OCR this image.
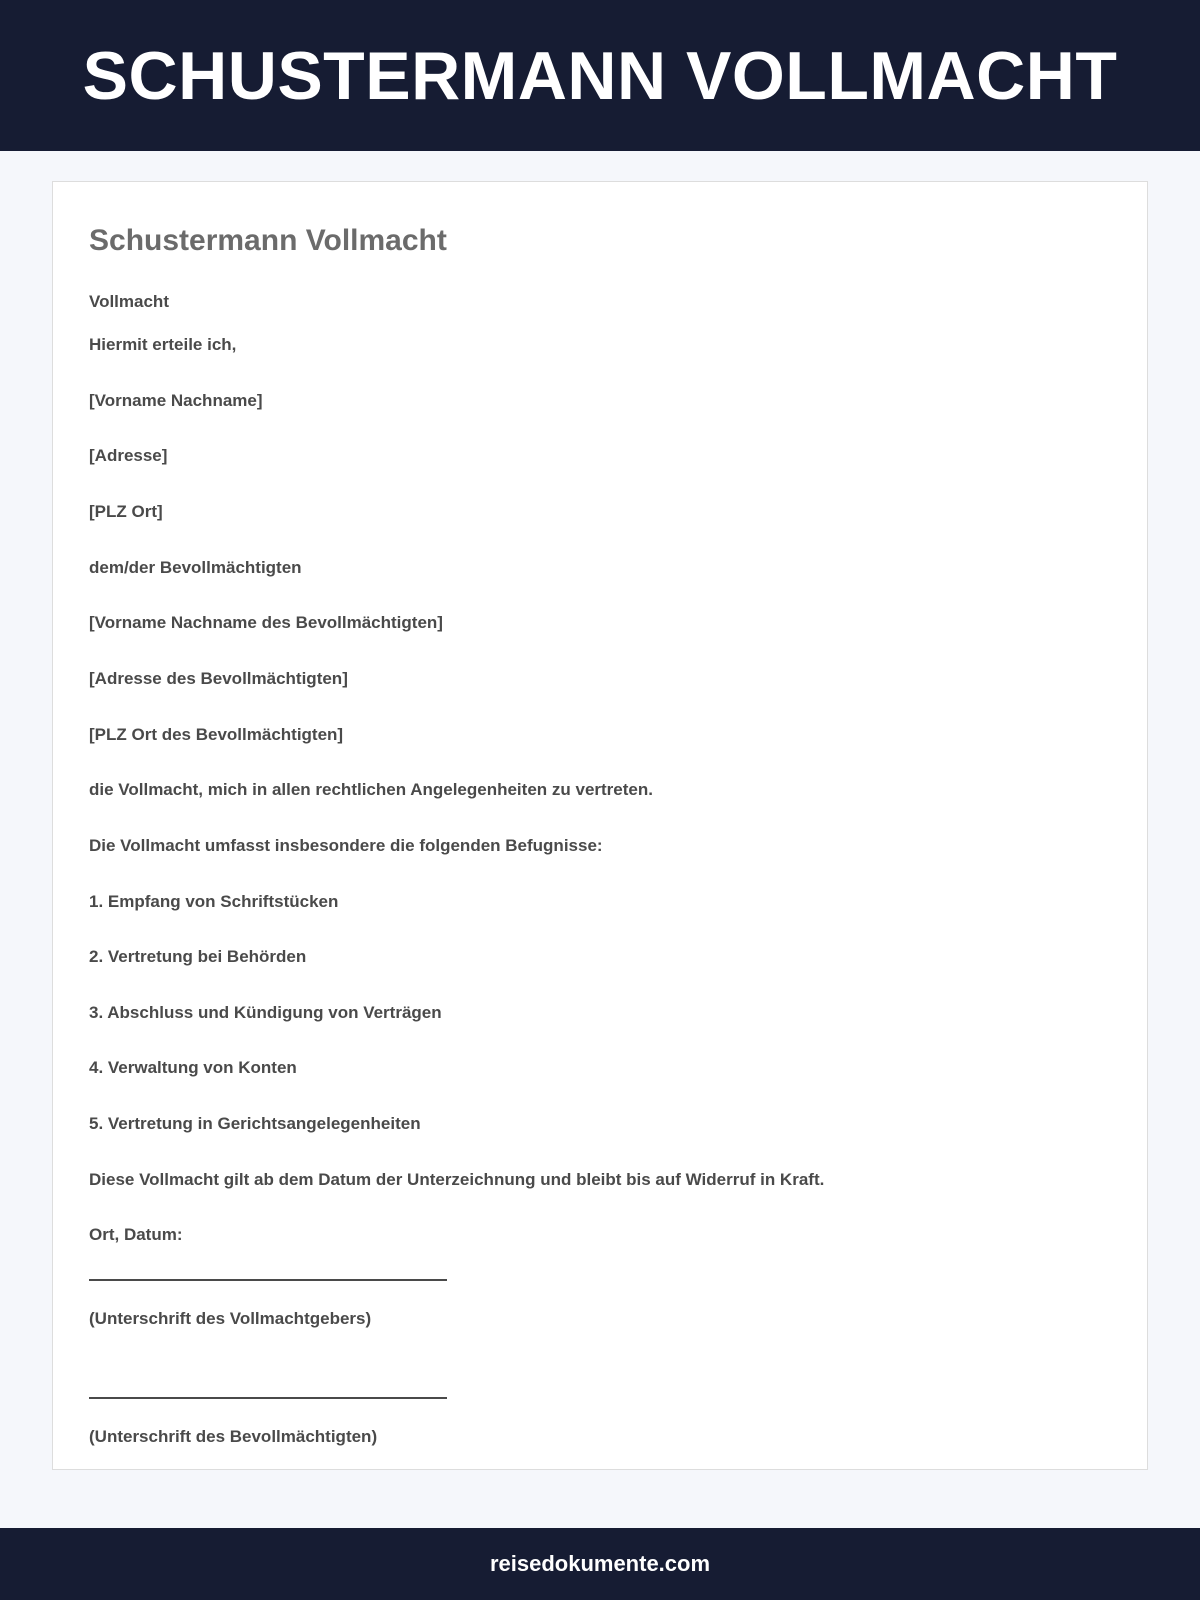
SCHUSTERMANN VOLLMACHT
Schustermann Vollmacht

Vollmacht

Hiermit erteile ich,

[Vorname Nachname]

[Adresse]

[PLZ Ort]

dem/der Bevollmächtigten

[Vorname Nachname des Bevollmächtigten]

[Adresse des Bevollmächtigten]

[PLZ Ort des Bevollmächtigten]

die Vollmacht, mich in allen rechtlichen Angelegenheiten zu vertreten.

Die Vollmacht umfasst insbesondere die folgenden Befugnisse:

1. Empfang von Schriftstücken

2. Vertretung bei Behörden

3. Abschluss und Kündigung von Verträgen

4. Verwaltung von Konten

5. Vertretung in Gerichtsangelegenheiten

Diese Vollmacht gilt ab dem Datum der Unterzeichnung und bleibt bis auf Widerruf in Kraft.

Ort, Datum:

(Unterschrift des Vollmachtgebers)

(Unterschrift des Bevollmächtigten)

reisedokumente.com
